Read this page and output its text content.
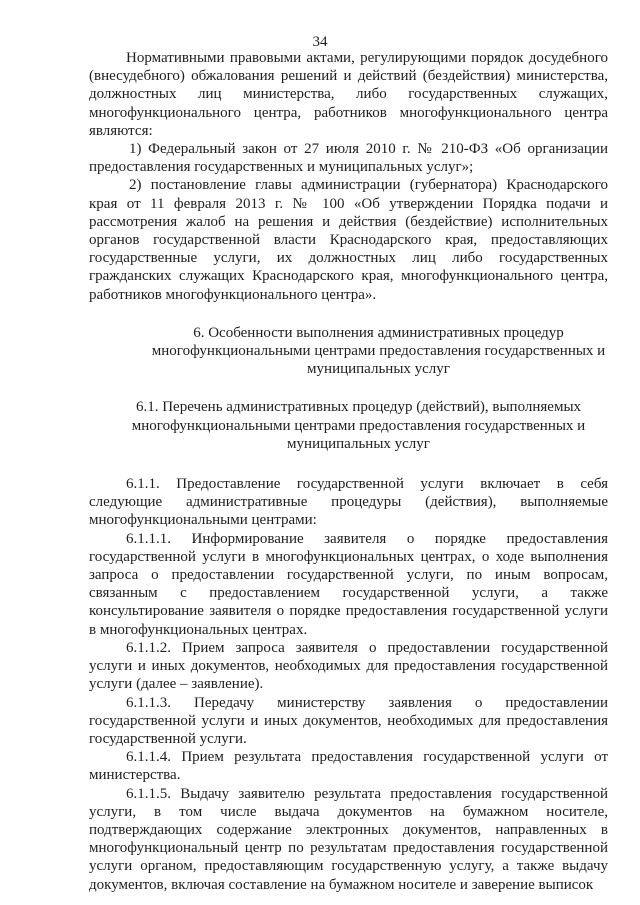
34

Нормативными правовыми актами, регулирующими порядок досудебного (внесудебного) обжалования решений и действий (бездействия) министерства, должностных лиц министерства, либо государственных служащих, многофункционального центра, работников многофункционального центра являются:

1) Федеральный закон от 27 июля 2010 г. № 210-ФЗ «Об организации предоставления государственных и муниципальных услуг»;

2) постановление главы администрации (губернатора) Краснодарского края от 11 февраля 2013 г. № 100 «Об утверждении Порядка подачи и рассмотрения жалоб на решения и действия (бездействие) исполнительных органов государственной власти Краснодарского края, предоставляющих государственные услуги, их должностных лиц либо государственных гражданских служащих Краснодарского края, многофункционального центра, работников многофункционального центра».

6. Особенности выполнения административных процедур многофункциональными центрами предоставления государственных и муниципальных услуг
6.1. Перечень административных процедур (действий), выполняемых многофункциональными центрами предоставления государственных и муниципальных услуг

6.1.1. Предоставление государственной услуги включает в себя следующие административные процедуры (действия), выполняемые многофункциональными центрами:

6.1.1.1. Информирование заявителя о порядке предоставления государственной услуги в многофункциональных центрах, о ходе выполнения запроса о предоставлении государственной услуги, по иным вопросам, связанным с предоставлением государственной услуги, а также консультирование заявителя о порядке предоставления государственной услуги в многофункциональных центрах.

6.1.1.2. Прием запроса заявителя о предоставлении государственной услуги и иных документов, необходимых для предоставления государственной услуги (далее – заявление).

6.1.1.3. Передачу министерству заявления о предоставлении государственной услуги и иных документов, необходимых для предоставления государственной услуги.

6.1.1.4. Прием результата предоставления государственной услуги от министерства.

6.1.1.5. Выдачу заявителю результата предоставления государственной услуги, в том числе выдача документов на бумажном носителе, подтверждающих содержание электронных документов, направленных в многофункциональный центр по результатам предоставления государственной услуги органом, предоставляющим государственную услугу, а также выдачу документов, включая составление на бумажном носителе и заверение выписок
